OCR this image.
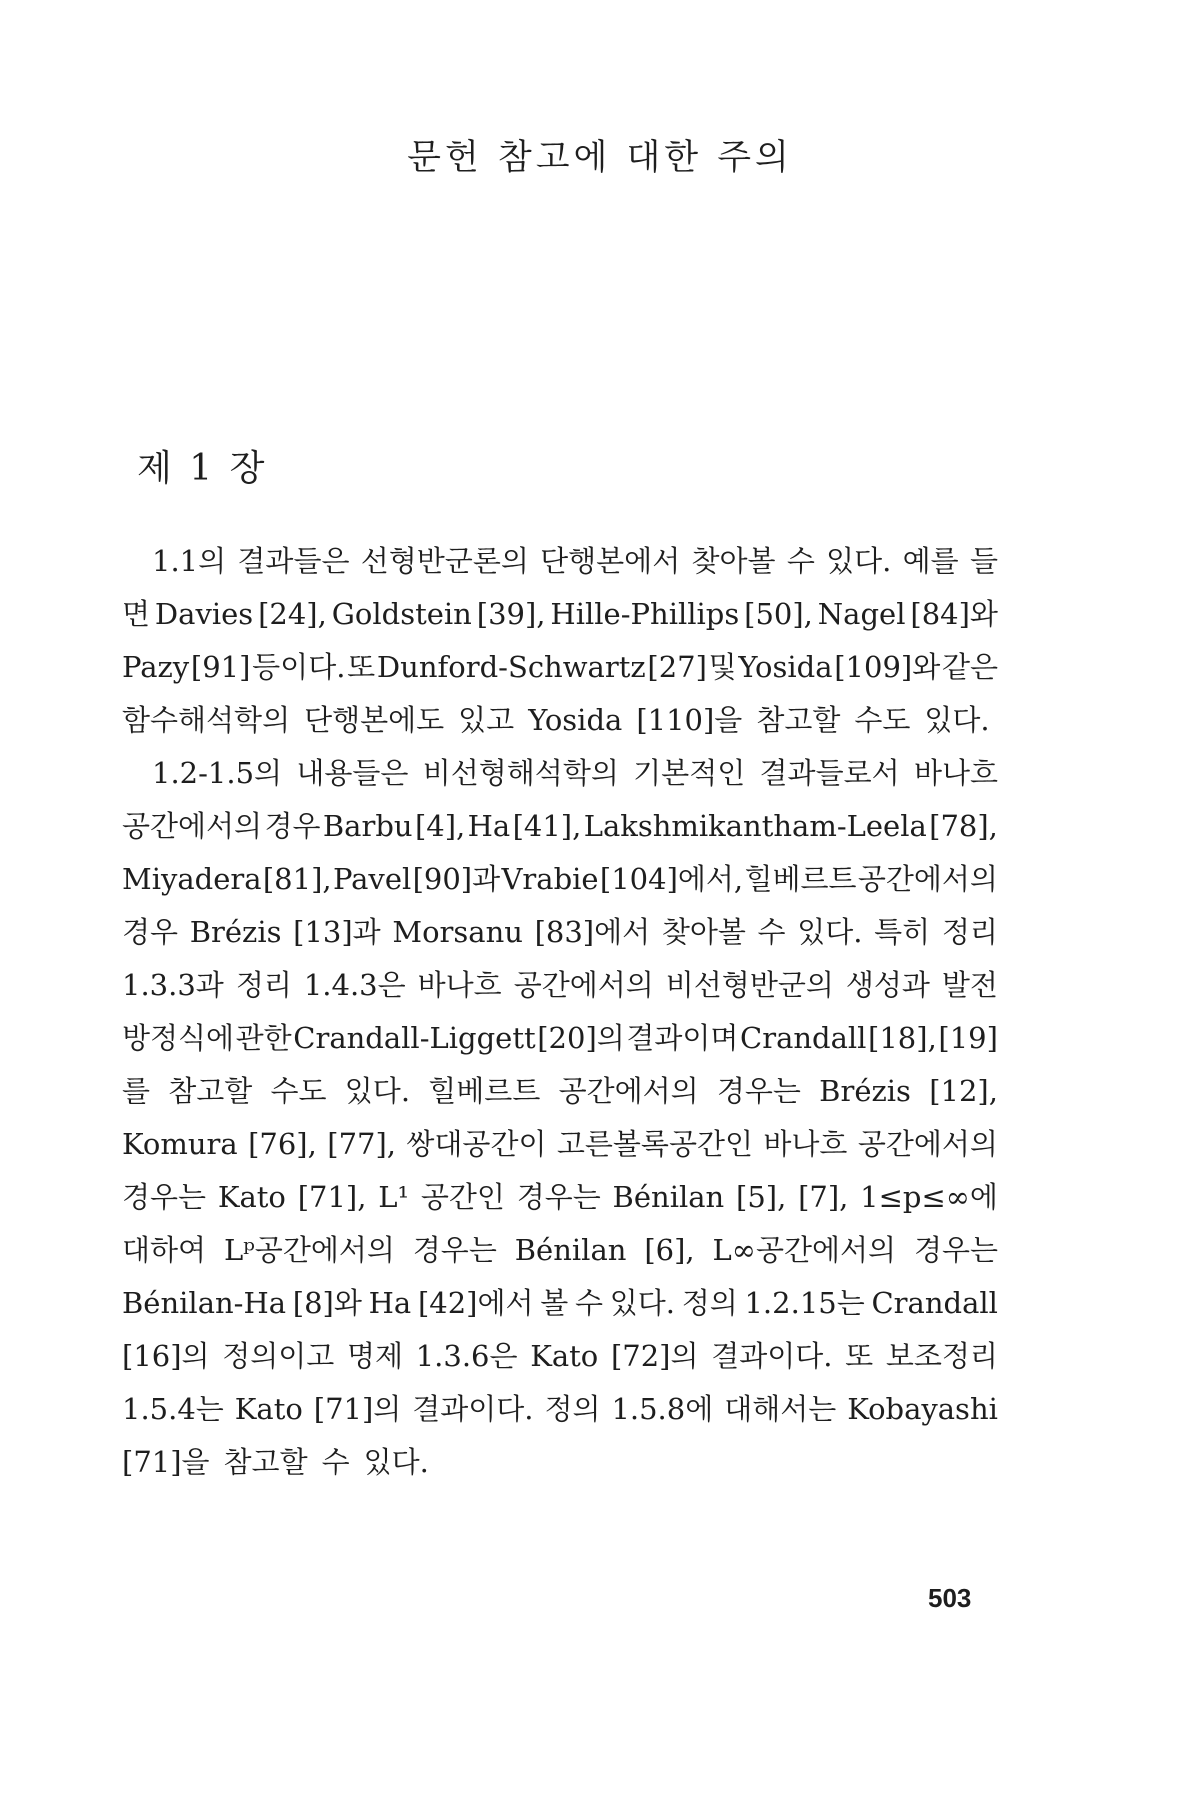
문헌 참고에 대한 주의
제 1 장
1.1의 결과들은 선형반군론의 단행본에서 찾아볼 수 있다. 예를 들
면 Davies [24], Goldstein [39], Hille-Phillips [50], Nagel [84]와
Pazy [91] 등이다. 또 Dunford-Schwartz [27] 및 Yosida [109]와 같은
함수해석학의 단행본에도 있고 Yosida [110]을 참고할 수도 있다.
1.2-1.5의 내용들은 비선형해석학의 기본적인 결과들로서 바나흐
공간에서의 경우 Barbu [4], Ha [41], Lakshmikantham-Leela [78],
Miyadera [81], Pavel [90]과 Vrabie [104]에서, 힐베르트 공간에서의
경우 Brézis [13]과 Morsanu [83]에서 찾아볼 수 있다. 특히 정리
1.3.3과 정리 1.4.3은 바나흐 공간에서의 비선형반군의 생성과 발전
방정식에 관한 Crandall-Liggett [20]의 결과이며 Crandall [18], [19]
를 참고할 수도 있다. 힐베르트 공간에서의 경우는 Brézis [12],
Komura [76], [77], 쌍대공간이 고른볼록공간인 바나흐 공간에서의
경우는 Kato [71], L¹ 공간인 경우는 Bénilan [5], [7], 1≤p≤∞에
대하여 Lᵖ공간에서의 경우는 Bénilan [6], L∞공간에서의 경우는
Bénilan-Ha [8]와 Ha [42]에서 볼 수 있다. 정의 1.2.15는 Crandall
[16]의 정의이고 명제 1.3.6은 Kato [72]의 결과이다. 또 보조정리
1.5.4는 Kato [71]의 결과이다. 정의 1.5.8에 대해서는 Kobayashi
[71]을 참고할 수 있다.
503
